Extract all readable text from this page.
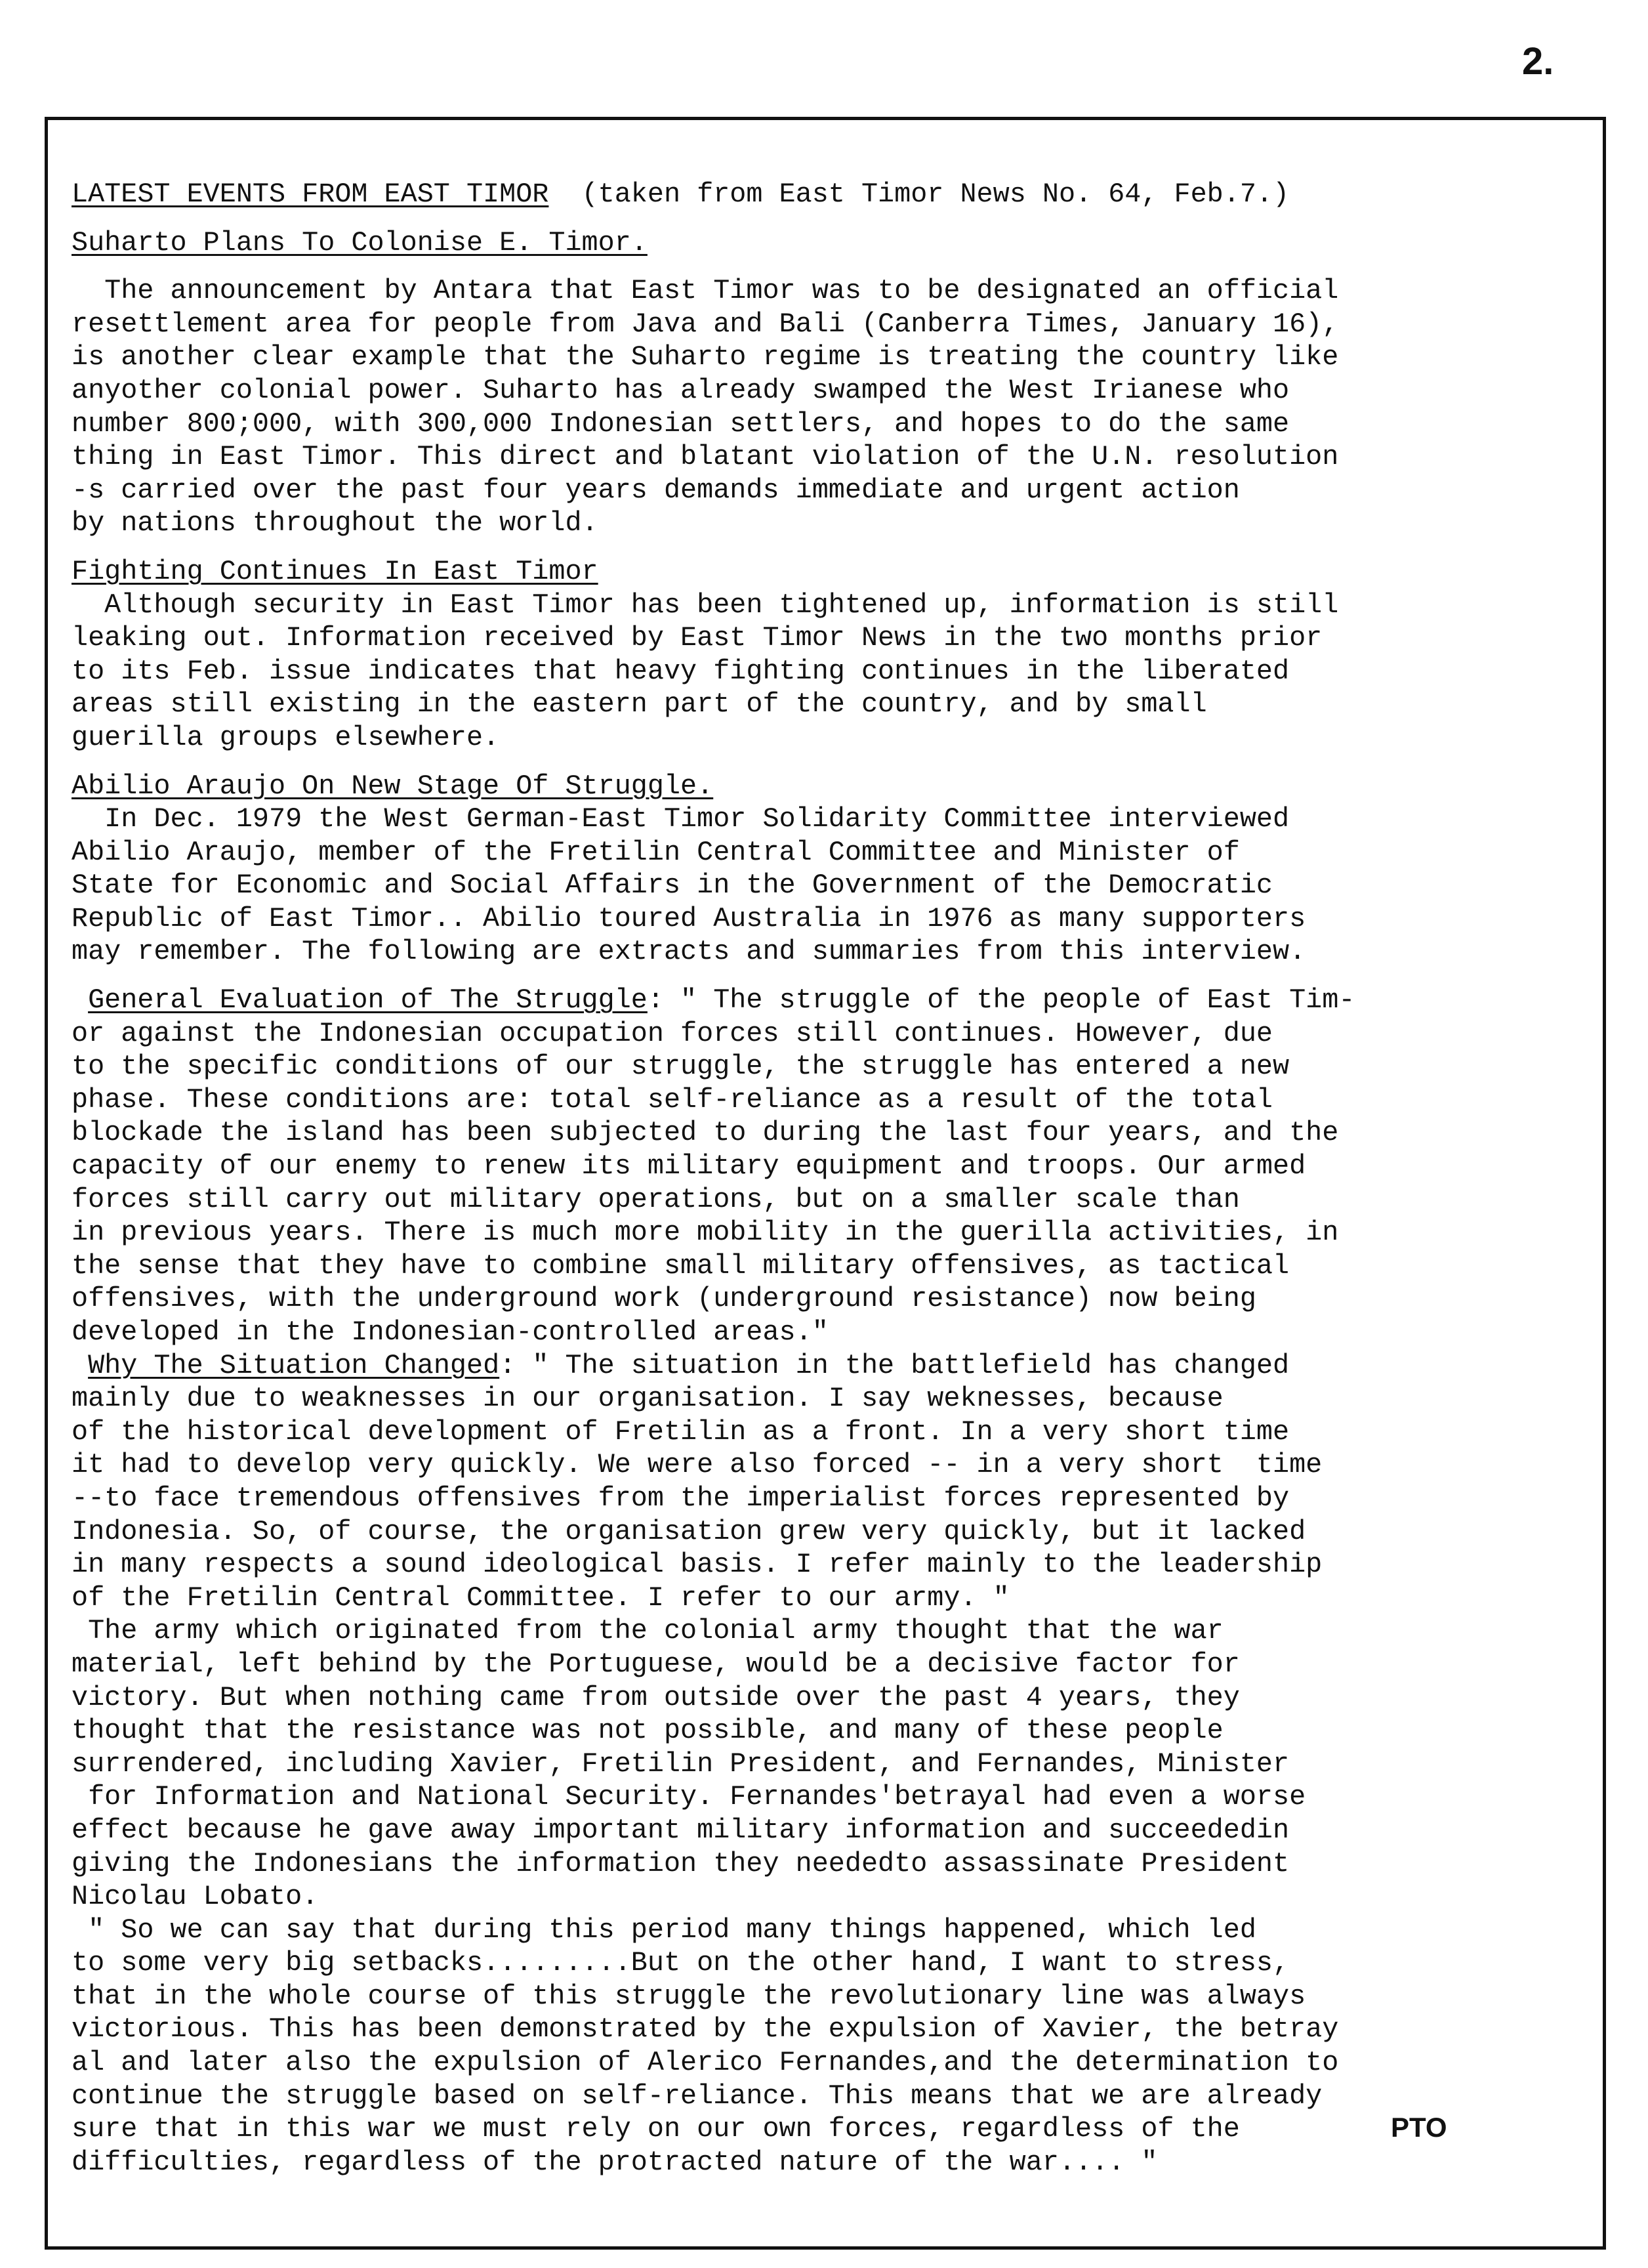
2.
LATEST EVENTS FROM EAST TIMOR (taken from East Timor News No. 64, Feb.7.)
Suharto Plans To Colonise E. Timor.
The announcement by Antara that East Timor was to be designated an official
resettlement area for people from Java and Bali (Canberra Times, January 16),
is another clear example that the Suharto regime is treating the country like
anyother colonial power. Suharto has already swamped the West Irianese who
number 800;000, with 300,000 Indonesian settlers, and hopes to do the same
thing in East Timor. This direct and blatant violation of the U.N. resolution
-s carried over the past four years demands immediate and urgent action
by nations throughout the world.
Fighting Continues In East Timor
Although security in East Timor has been tightened up, information is still
leaking out. Information received by East Timor News in the two months prior
to its Feb. issue indicates that heavy fighting continues in the liberated
areas still existing in the eastern part of the country, and by small
guerilla groups elsewhere.
Abilio Araujo On New Stage Of Struggle.
In Dec. 1979 the West German-East Timor Solidarity Committee interviewed
Abilio Araujo, member of the Fretilin Central Committee and Minister of
State for Economic and Social Affairs in the Government of the Democratic
Republic of East Timor.. Abilio toured Australia in 1976 as many supporters
may remember. The following are extracts and summaries from this interview.
General Evaluation of The Struggle: " The struggle of the people of East Tim-
or against the Indonesian occupation forces still continues. However, due
to the specific conditions of our struggle, the struggle has entered a new
phase. These conditions are: total self-reliance as a result of the total
blockade the island has been subjected to during the last four years, and the
capacity of our enemy to renew its military equipment and troops. Our armed
forces still carry out military operations, but on a smaller scale than
in previous years. There is much more mobility in the guerilla activities, in
the sense that they have to combine small military offensives, as tactical
offensives, with the underground work (underground resistance) now being
developed in the Indonesian-controlled areas."
Why The Situation Changed: " The situation in the battlefield has changed
mainly due to weaknesses in our organisation. I say weknesses, because
of the historical development of Fretilin as a front. In a very short time
it had to develop very quickly. We were also forced -- in a very short  time
--to face tremendous offensives from the imperialist forces represented by
Indonesia. So, of course, the organisation grew very quickly, but it lacked
in many respects a sound ideological basis. I refer mainly to the leadership
of the Fretilin Central Committee. I refer to our army. "
The army which originated from the colonial army thought that the war
material, left behind by the Portuguese, would be a decisive factor for
victory. But when nothing came from outside over the past 4 years, they
thought that the resistance was not possible, and many of these people
surrendered, including Xavier, Fretilin President, and Fernandes, Minister
for Information and National Security. Fernandes'betrayal had even a worse
effect because he gave away important military information and succeededin
giving the Indonesians the information they neededto assassinate President
Nicolau Lobato.
" So we can say that during this period many things happened, which led
to some very big setbacks.........But on the other hand, I want to stress,
that in the whole course of this struggle the revolutionary line was always
victorious. This has been demonstrated by the expulsion of Xavier, the betray
al and later also the expulsion of Alerico Fernandes,and the determination to
continue the struggle based on self-reliance. This means that we are already
sure that in this war we must rely on our own forces, regardless of the
difficulties, regardless of the protracted nature of the war.... "
PTO
